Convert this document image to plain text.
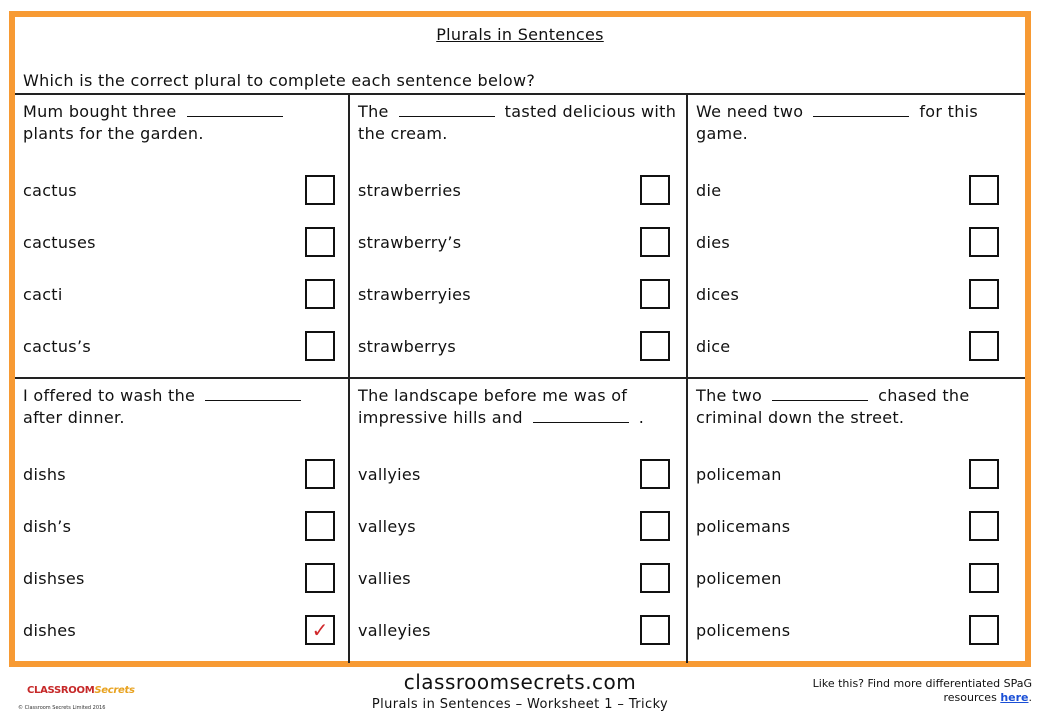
Plurals in Sentences
Which is the correct plural to complete each sentence below?
Mum bought threeplants for the garden.
cactus
cactuses
cacti
cactus’s
The	tasted delicious with the cream.
strawberries
strawberry’s
strawberryies
strawberrys
We need two	for this game.
die
dies
dices
dice
I offered to wash theafter dinner.
dishs
dish’s
dishses
dishes	✓
The landscape before me was of impressive hills and	.
vallyies
valleys
vallies
valleyies
The two	chased the criminal down the street.
policeman
policemans
policemen
policemens
CLASSROOMSecrets
© Classroom Secrets Limited 2016
classroomsecrets.com
Plurals in Sentences – Worksheet 1 – Tricky
Like this? Find more differentiated SPaG resources here.
